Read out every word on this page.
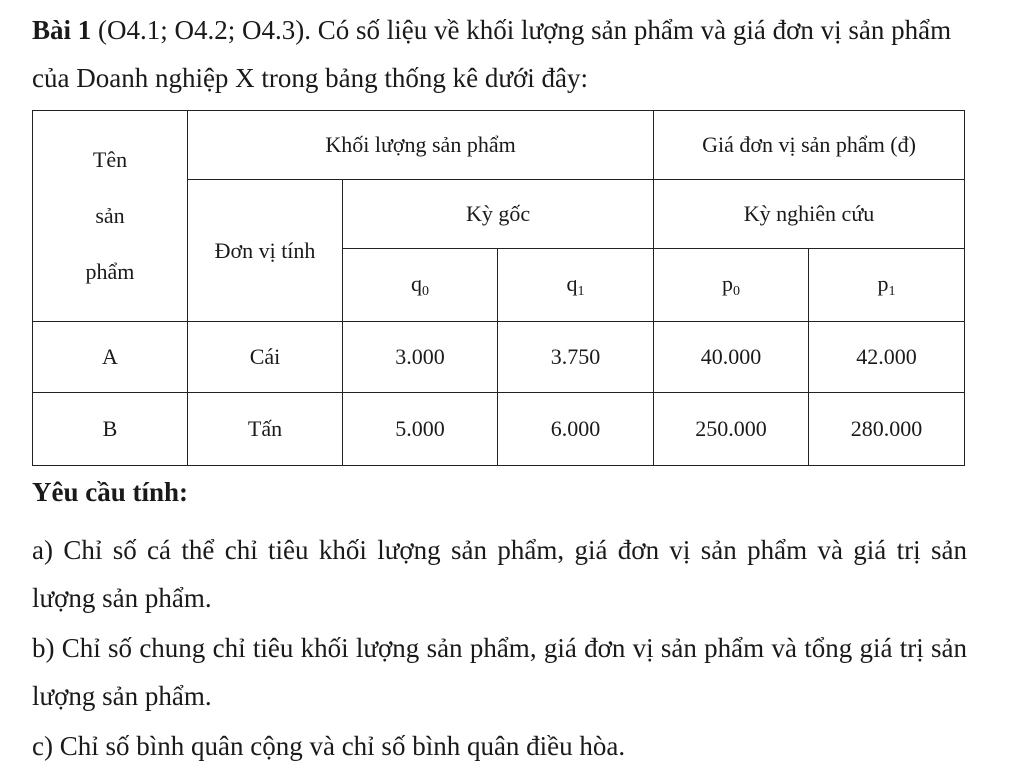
Bài 1 (O4.1; O4.2; O4.3). Có số liệu về khối lượng sản phẩm và giá đơn vị sản phẩm của Doanh nghiệp X trong bảng thống kê dưới đây:

Tên
sản
phẩm	Khối lượng sản phẩm			Giá đơn vị sản phẩm (đ)	
	Đơn vị tính	Kỳ gốc		Kỳ nghiên cứu	
		$q_0$	$q_1$	$p_0$	$p_1$
A	Cái	3.000	3.750	40.000	42.000
B	Tấn	5.000	6.000	250.000	280.000

Yêu cầu tính:

a) Chỉ số cá thể chỉ tiêu khối lượng sản phẩm, giá đơn vị sản phẩm và giá trị sản lượng sản phẩm.

b) Chỉ số chung chỉ tiêu khối lượng sản phẩm, giá đơn vị sản phẩm và tổng giá trị sản lượng sản phẩm.

c) Chỉ số bình quân cộng và chỉ số bình quân điều hòa.
